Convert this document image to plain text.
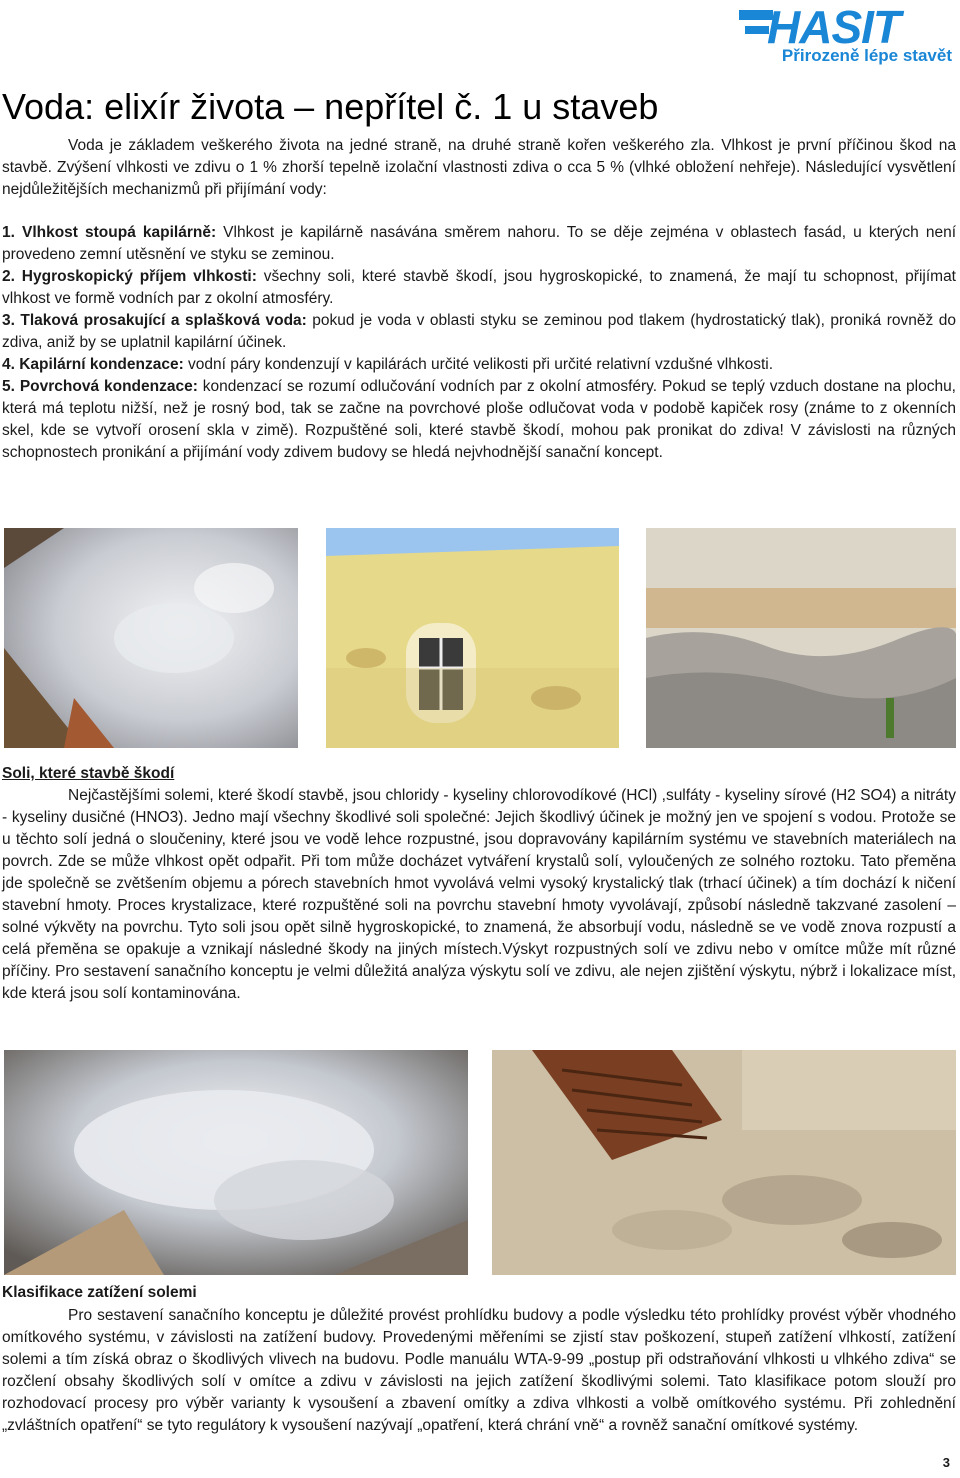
HASIT
Přirozeně lépe stavět
Voda: elixír života – nepřítel č. 1 u staveb

Voda je základem veškerého života na jedné straně, na druhé straně kořen veškerého zla. Vlhkost je první příčinou škod na stavbě. Zvýšení vlhkosti ve zdivu o 1 % zhorší tepelně izolační vlastnosti zdiva o cca 5 % (vlhké obložení nehřeje). Následující vysvětlení nejdůležitějších mechanizmů při přijímání vody:

1. Vlhkost stoupá kapilárně: Vlhkost je kapilárně nasávána směrem nahoru. To se děje zejména v oblastech fasád, u kterých není provedeno zemní utěsnění ve styku se zeminou.

2. Hygroskopický příjem vlhkosti: všechny soli, které stavbě škodí, jsou hygroskopické, to znamená, že mají tu schopnost, přijímat vlhkost ve formě vodních par z okolní atmosféry.

3. Tlaková prosakující a splašková voda: pokud je voda v oblasti styku se zeminou pod tlakem (hydrostatický tlak), proniká rovněž do zdiva, aniž by se uplatnil kapilární účinek.

4. Kapilární kondenzace: vodní páry kondenzují v kapilárách určité velikosti při určité relativní vzdušné vlhkosti.

5. Povrchová kondenzace: kondenzací se rozumí odlučování vodních par z okolní atmosféry. Pokud se teplý vzduch dostane na plochu, která má teplotu nižší, než je rosný bod, tak se začne na povrchové ploše odlučovat voda v podobě kapiček rosy (známe to z okenních skel, kde se vytvoří orosení skla v zimě). Rozpuštěné soli, které stavbě škodí, mohou pak pronikat do zdiva! V závislosti na různých schopnostech pronikání a přijímání vody zdivem budovy se hledá nejvhodnější sanační koncept.

Soli, které stavbě škodí

Nejčastějšími solemi, které škodí stavbě, jsou chloridy - kyseliny chlorovodíkové (HCl) ,sulfáty - kyseliny sírové (H2 SO4) a nitráty - kyseliny dusičné (HNO3). Jedno mají všechny škodlivé soli společné: Jejich škodlivý účinek je možný jen ve spojení s vodou. Protože se u těchto solí jedná o sloučeniny, které jsou ve vodě lehce rozpustné, jsou dopravovány kapilárním systému ve stavebních materiálech na povrch. Zde se může vlhkost opět odpařit. Při tom může docházet vytváření krystalů solí, vyloučených ze solného roztoku. Tato přeměna jde společně se zvětšením objemu a pórech stavebních hmot vyvolává velmi vysoký krystalický tlak (trhací účinek) a tím dochází k ničení stavební hmoty. Proces krystalizace, které rozpuštěné soli na povrchu stavební hmoty vyvolávají, způsobí následně takzvané zasolení – solné výkvěty na povrchu. Tyto soli jsou opět silně hygroskopické, to znamená, že absorbují vodu, následně se ve vodě znova rozpustí a celá přeměna se opakuje a vznikají následné škody na jiných místech.Výskyt rozpustných solí ve zdivu nebo v omítce může mít různé příčiny. Pro sestavení sanačního konceptu je velmi důležitá analýza výskytu solí ve zdivu, ale nejen zjištění výskytu, nýbrž i lokalizace míst, kde která jsou solí kontaminována.

Klasifikace zatížení solemi

Pro sestavení sanačního konceptu je důležité provést prohlídku budovy a podle výsledku této prohlídky provést výběr vhodného omítkového systému, v závislosti na zatížení budovy. Provedenými měřeními se zjistí stav poškození, stupeň zatížení vlhkostí, zatížení solemi a tím získá obraz o škodlivých vlivech na budovu. Podle manuálu WTA-9-99 „postup při odstraňování vlhkosti u vlhkého zdiva“ se rozčlení obsahy škodlivých solí v omítce a zdivu v závislosti na jejich zatížení škodlivými solemi. Tato klasifikace potom slouží pro rozhodovací procesy pro výběr varianty k vysoušení a zbavení omítky a zdiva vlhkosti a volbě omítkového systému. Při zohlednění „zvláštních opatření“ se tyto regulátory k vysoušení nazývají „opatření, která chrání vně“ a rovněž sanační omítkové systémy.

3
